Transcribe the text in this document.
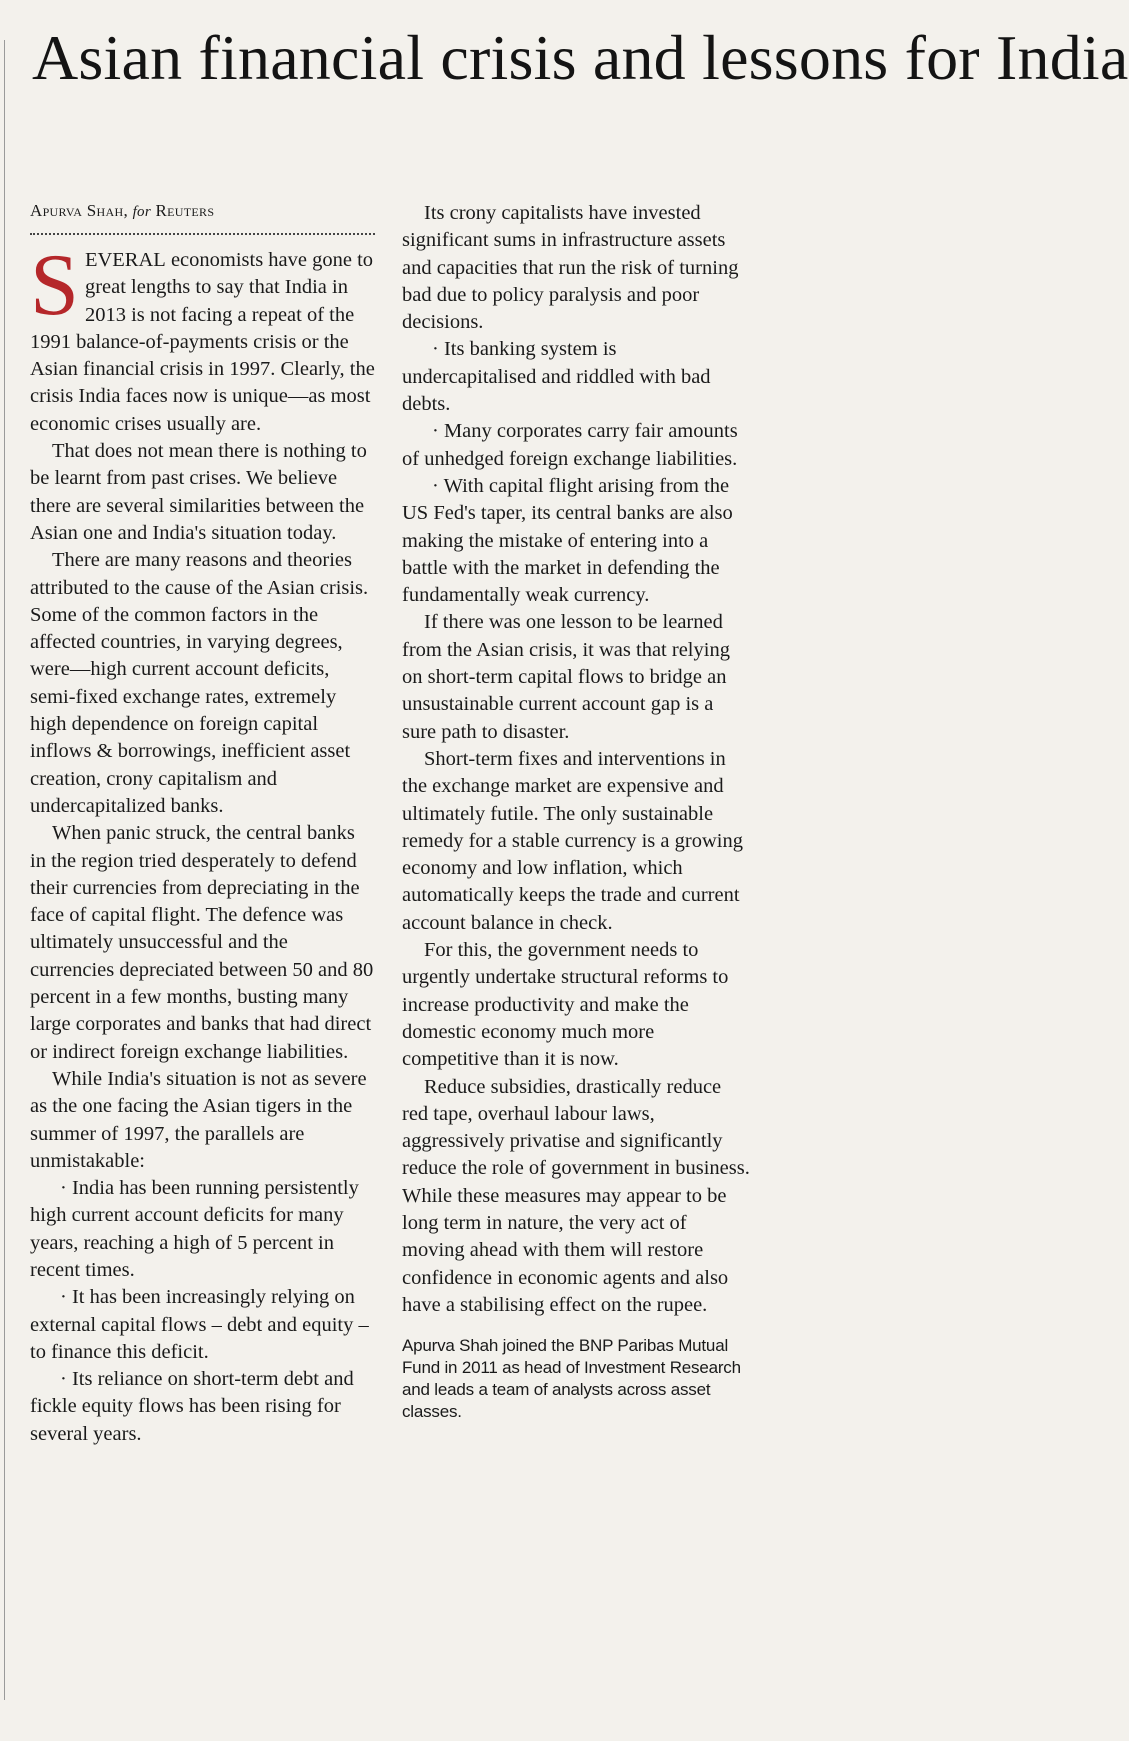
Asian financial crisis and lessons for India
Apurva Shah, for Reuters

SEVERAL economists have gone to great lengths to say that India in 2013 is not facing a repeat of the 1991 balance-of-payments crisis or the Asian financial crisis in 1997. Clearly, the crisis India faces now is unique—as most economic crises usually are.

That does not mean there is nothing to be learnt from past crises. We believe there are several similarities between the Asian one and India's situation today.

There are many reasons and theories attributed to the cause of the Asian crisis. Some of the common factors in the affected countries, in varying degrees, were—high current account deficits, semi-fixed exchange rates, extremely high dependence on foreign capital inflows & borrowings, inefficient asset creation, crony capitalism and undercapitalized banks.

When panic struck, the central banks in the region tried desperately to defend their currencies from depreciating in the face of capital flight. The defence was ultimately unsuccessful and the currencies depreciated between 50 and 80 percent in a few months, busting many large corporates and banks that had direct or indirect foreign exchange liabilities.

While India's situation is not as severe as the one facing the Asian tigers in the summer of 1997, the parallels are unmistakable:

· India has been running persistently high current account deficits for many years, reaching a high of 5 percent in recent times.

· It has been increasingly relying on external capital flows – debt and equity – to finance this deficit.

· Its reliance on short-term debt and fickle equity flows has been rising for several years.

Its crony capitalists have invested significant sums in infrastructure assets and capacities that run the risk of turning bad due to policy paralysis and poor decisions.

· Its banking system is undercapitalised and riddled with bad debts.

· Many corporates carry fair amounts of unhedged foreign exchange liabilities.

· With capital flight arising from the US Fed's taper, its central banks are also making the mistake of entering into a battle with the market in defending the fundamentally weak currency.

If there was one lesson to be learned from the Asian crisis, it was that relying on short-term capital flows to bridge an unsustainable current account gap is a sure path to disaster.

Short-term fixes and interventions in the exchange market are expensive and ultimately futile. The only sustainable remedy for a stable currency is a growing economy and low inflation, which automatically keeps the trade and current account balance in check.

For this, the government needs to urgently undertake structural reforms to increase productivity and make the domestic economy much more competitive than it is now.

Reduce subsidies, drastically reduce red tape, overhaul labour laws, aggressively privatise and significantly reduce the role of government in business. While these measures may appear to be long term in nature, the very act of moving ahead with them will restore confidence in economic agents and also have a stabilising effect on the rupee.

Apurva Shah joined the BNP Paribas Mutual Fund in 2011 as head of Investment Research and leads a team of analysts across asset classes.
